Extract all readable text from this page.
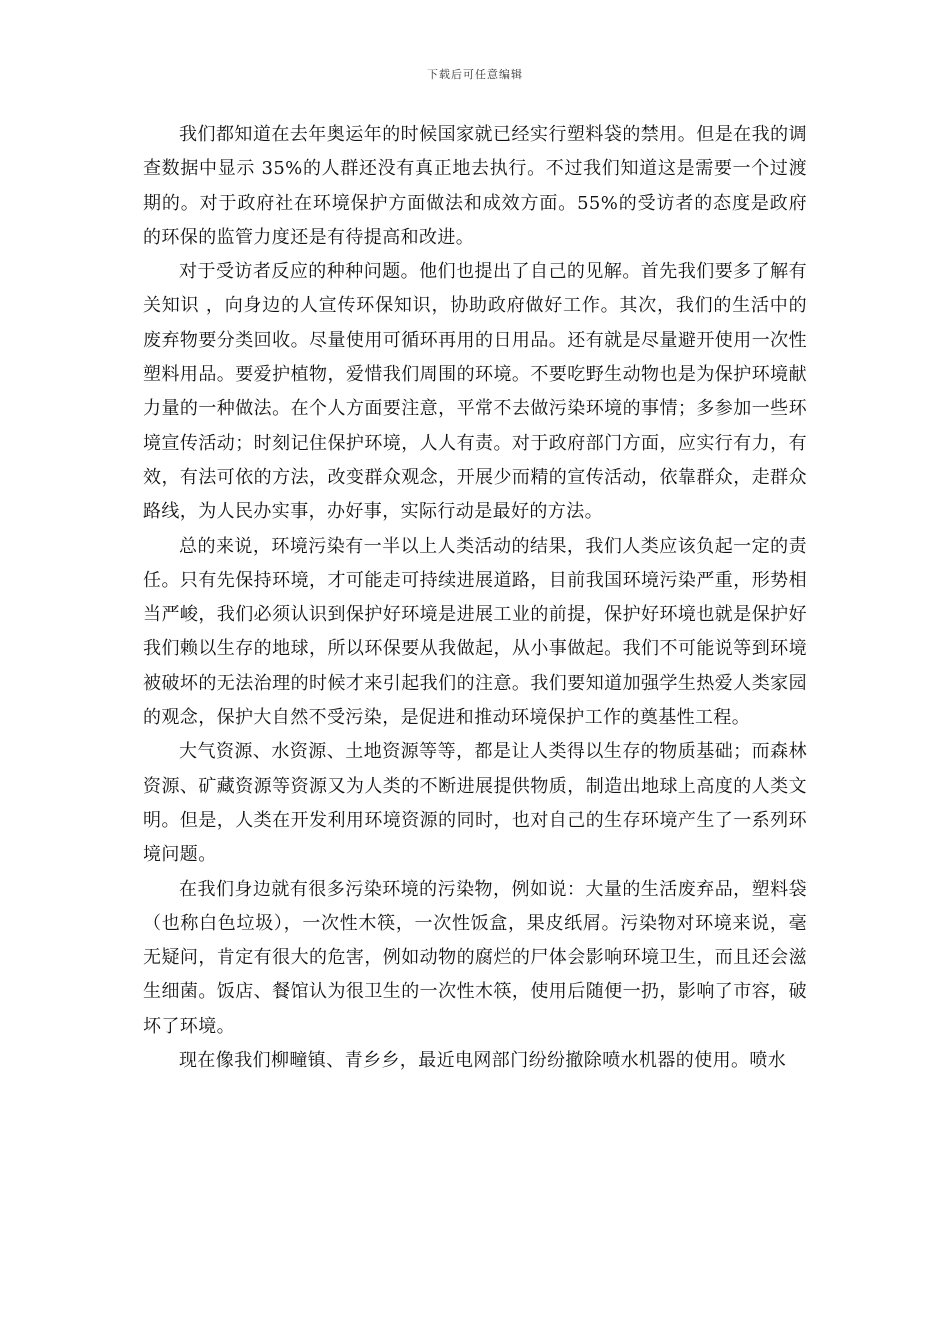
下载后可任意编辑

我们都知道在去年奥运年的时候国家就已经实行塑料袋的禁用。但是在我的调查数据中显示 35%的人群还没有真正地去执行。不过我们知道这是需要一个过渡期的。对于政府社在环境保护方面做法和成效方面。55%的受访者的态度是政府的环保的监管力度还是有待提高和改进。

对于受访者反应的种种问题。他们也提出了自己的见解。首先我们要多了解有关知识 ，向身边的人宣传环保知识，协助政府做好工作。其次，我们的生活中的废弃物要分类回收。尽量使用可循环再用的日用品。还有就是尽量避开使用一次性塑料用品。要爱护植物，爱惜我们周围的环境。不要吃野生动物也是为保护环境献力量的一种做法。在个人方面要注意，平常不去做污染环境的事情；多参加一些环境宣传活动；时刻记住保护环境，人人有责。对于政府部门方面，应实行有力，有效，有法可依的方法，改变群众观念，开展少而精的宣传活动，依靠群众，走群众路线，为人民办实事，办好事，实际行动是最好的方法。

总的来说，环境污染有一半以上人类活动的结果，我们人类应该负起一定的责任。只有先保持环境，才可能走可持续进展道路，目前我国环境污染严重，形势相当严峻，我们必须认识到保护好环境是进展工业的前提，保护好环境也就是保护好我们赖以生存的地球，所以环保要从我做起，从小事做起。我们不可能说等到环境被破坏的无法治理的时候才来引起我们的注意。我们要知道加强学生热爱人类家园的观念，保护大自然不受污染，是促进和推动环境保护工作的奠基性工程。

大气资源、水资源、土地资源等等，都是让人类得以生存的物质基础；而森林资源、矿藏资源等资源又为人类的不断进展提供物质，制造出地球上高度的人类文明。但是，人类在开发利用环境资源的同时，也对自己的生存环境产生了一系列环境问题。

在我们身边就有很多污染环境的污染物，例如说：大量的生活废弃品，塑料袋（也称白色垃圾），一次性木筷，一次性饭盒，果皮纸屑。污染物对环境来说，毫无疑问，肯定有很大的危害，例如动物的腐烂的尸体会影响环境卫生，而且还会滋生细菌。饭店、餐馆认为很卫生的一次性木筷，使用后随便一扔，影响了市容，破坏了环境。

现在像我们柳疃镇、青乡乡，最近电网部门纷纷撤除喷水机器的使用。喷水
